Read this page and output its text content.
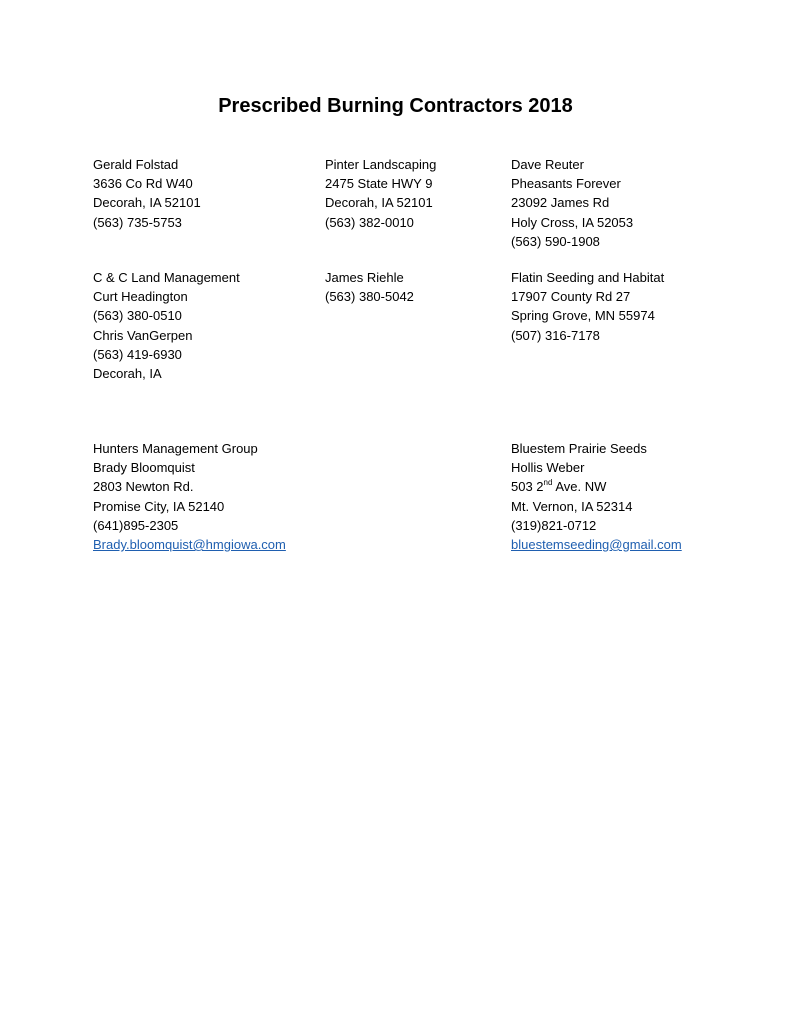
Prescribed Burning Contractors 2018
Gerald Folstad
3636 Co Rd W40
Decorah, IA 52101
(563) 735-5753
Pinter Landscaping
2475 State HWY 9
Decorah, IA 52101
(563) 382-0010
Dave Reuter
Pheasants Forever
23092 James Rd
Holy Cross, IA 52053
(563) 590-1908
C & C Land Management
Curt Headington
(563) 380-0510
Chris VanGerpen
(563) 419-6930
Decorah, IA
James Riehle
(563) 380-5042
Flatin Seeding and Habitat
17907 County Rd 27
Spring Grove, MN 55974
(507) 316-7178
Hunters Management Group
Brady Bloomquist
2803 Newton Rd.
Promise City, IA 52140
(641)895-2305
Brady.bloomquist@hmgiowa.com
Bluestem Prairie Seeds
Hollis Weber
503 2nd Ave. NW
Mt. Vernon, IA 52314
(319)821-0712
bluestemseeding@gmail.com
